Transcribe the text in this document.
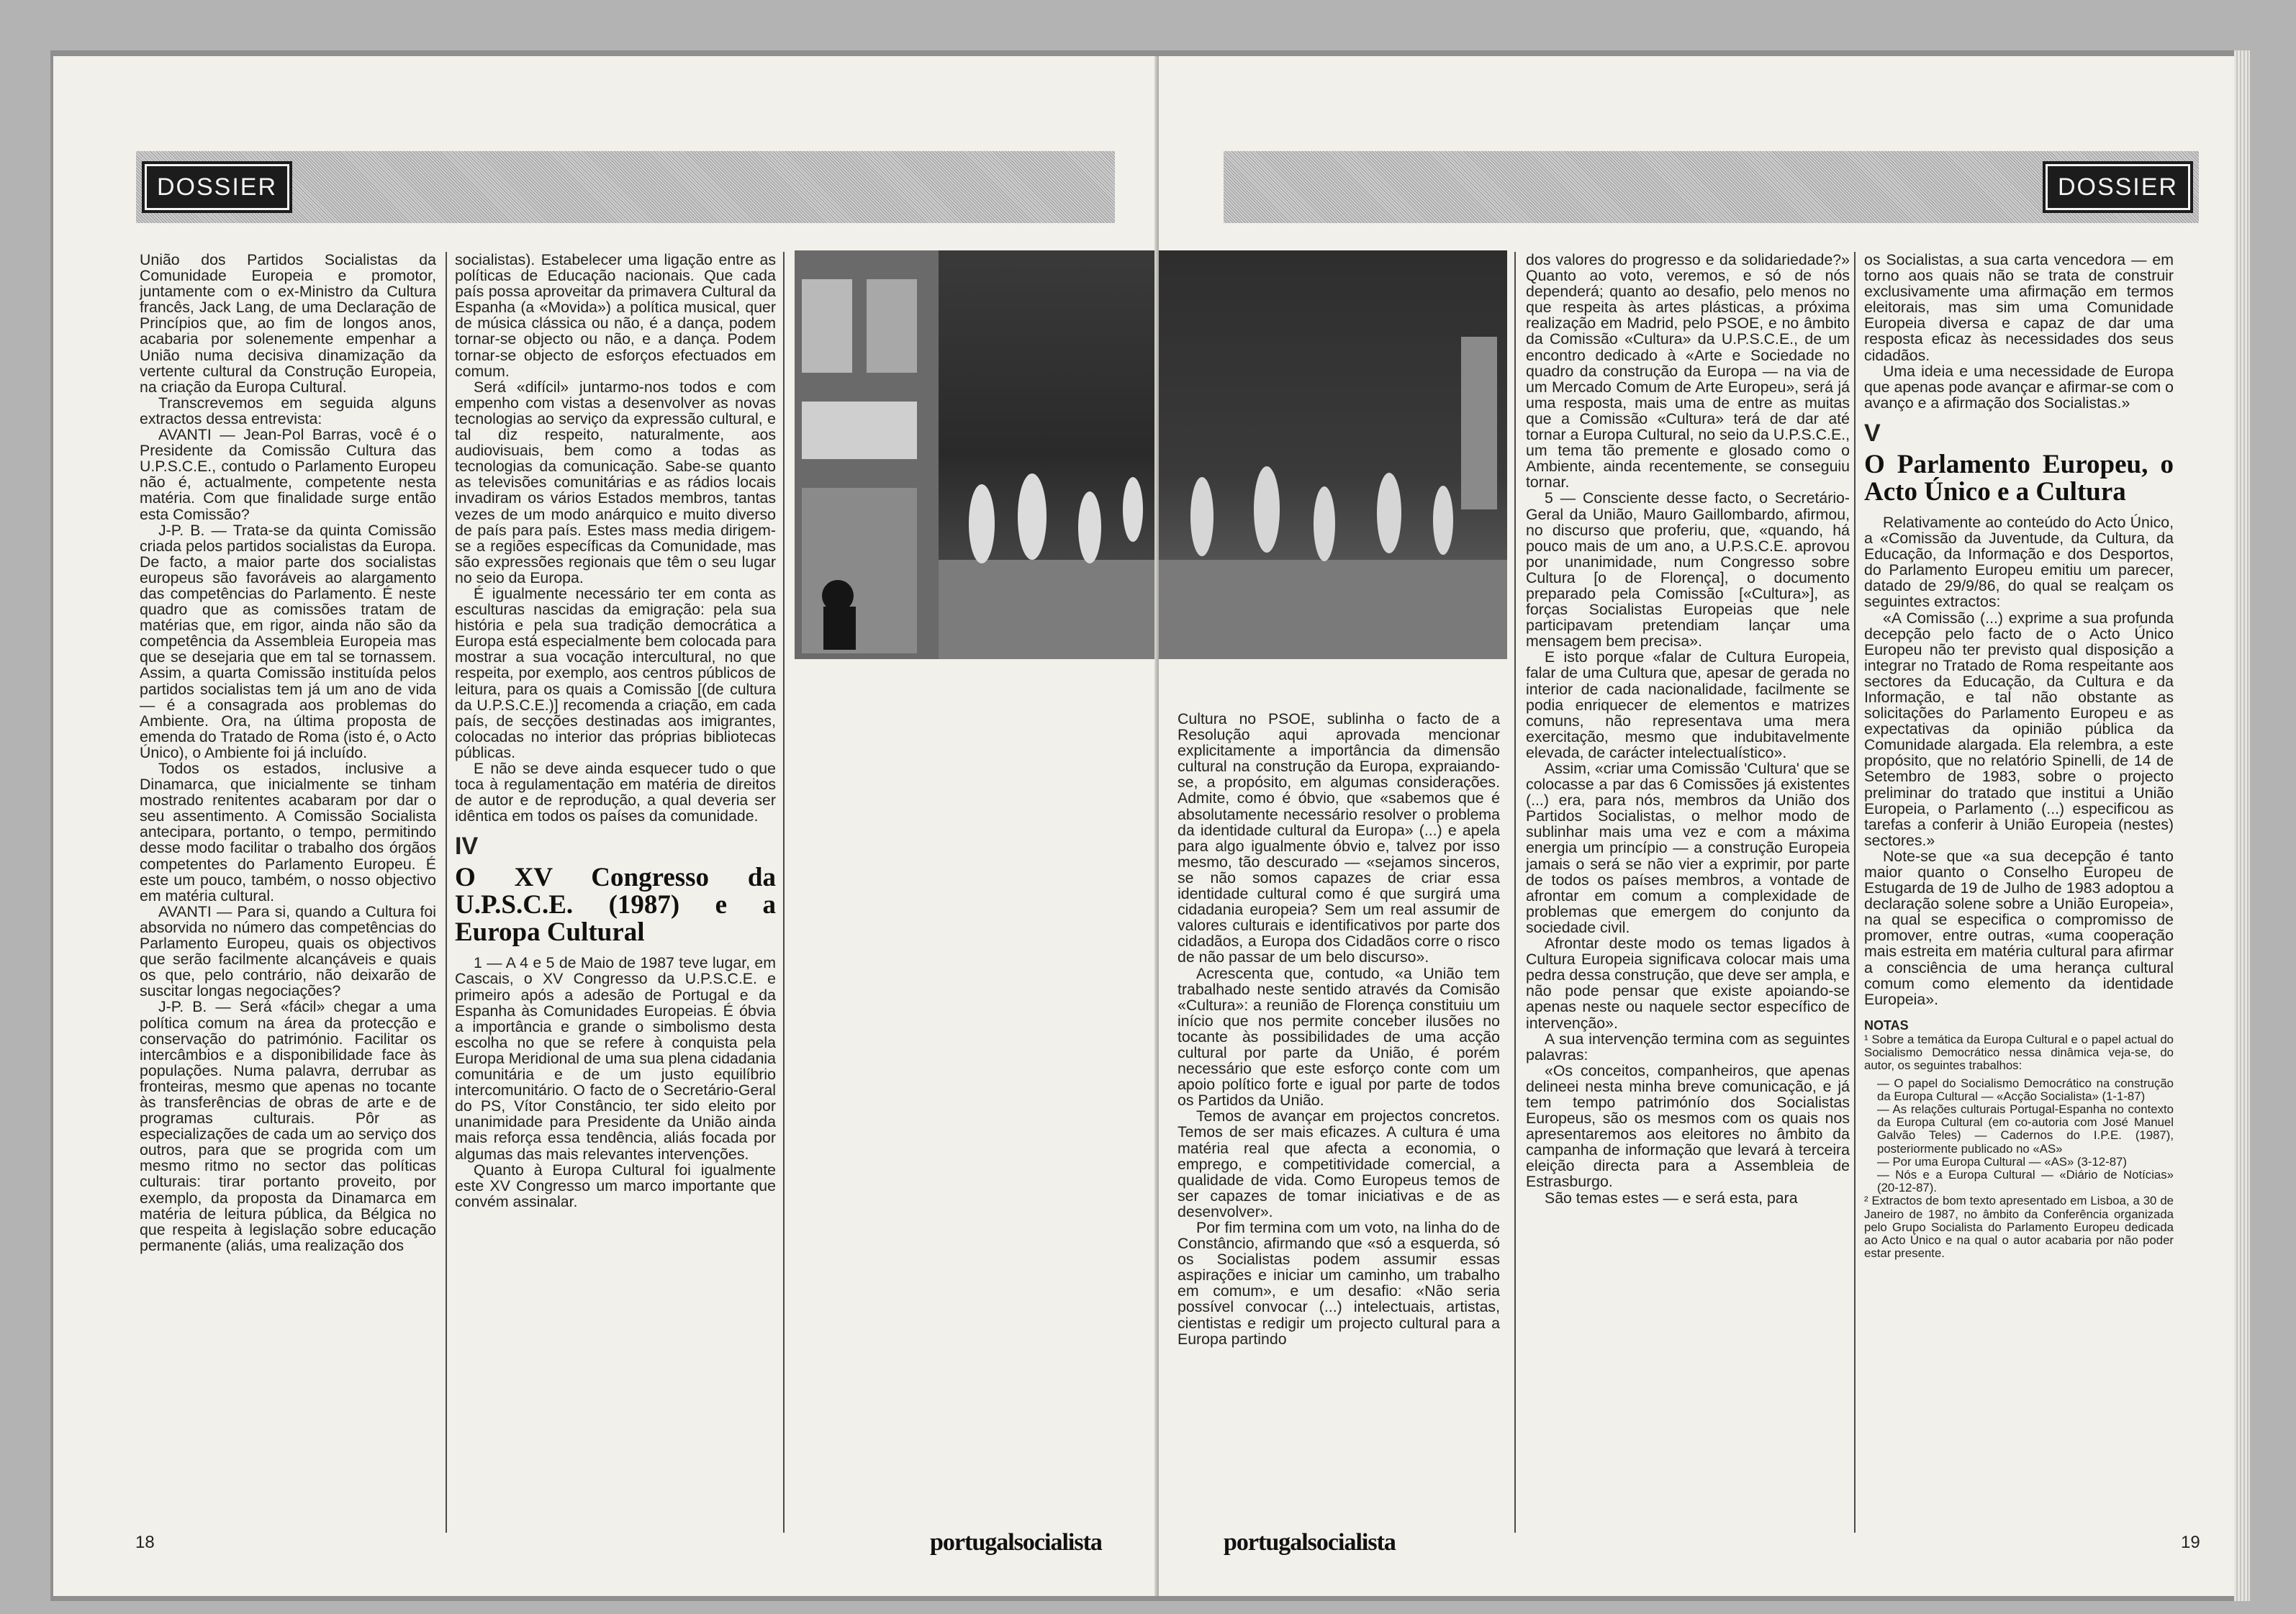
DOSSIER

União dos Partidos Socialistas da Comunidade Europeia e promotor, juntamente com o ex-Ministro da Cultura francês, Jack Lang, de uma Declaração de Princípios que, ao fim de longos anos, acabaria por solenemente empenhar a União numa decisiva dinamização da vertente cultural da Construção Europeia, na criação da Europa Cultural.

Transcrevemos em seguida alguns extractos dessa entrevista:

AVANTI — Jean-Pol Barras, você é o Presidente da Comissão Cultura das U.P.S.C.E., contudo o Parlamento Europeu não é, actualmente, competente nesta matéria. Com que finalidade surge então esta Comissão?

J-P. B. — Trata-se da quinta Comissão criada pelos partidos socialistas da Europa. De facto, a maior parte dos socialistas europeus são favoráveis ao alargamento das competências do Parlamento. É neste quadro que as comissões tratam de matérias que, em rigor, ainda não são da competência da Assembleia Europeia mas que se desejaria que em tal se tornassem. Assim, a quarta Comissão instituída pelos partidos socialistas tem já um ano de vida — é a consagrada aos problemas do Ambiente. Ora, na última proposta de emenda do Tratado de Roma (isto é, o Acto Único), o Ambiente foi já incluído.

Todos os estados, inclusive a Dinamarca, que inicialmente se tinham mostrado renitentes acabaram por dar o seu assentimento. A Comissão Socialista antecipara, portanto, o tempo, permitindo desse modo facilitar o trabalho dos órgãos competentes do Parlamento Europeu. É este um pouco, também, o nosso objectivo em matéria cultural.

AVANTI — Para si, quando a Cultura foi absorvida no número das competências do Parlamento Europeu, quais os objectivos que serão facilmente alcançáveis e quais os que, pelo contrário, não deixarão de suscitar longas negociações?

J-P. B. — Será «fácil» chegar a uma política comum na área da protecção e conservação do património. Facilitar os intercâmbios e a disponibilidade face às populações. Numa palavra, derrubar as fronteiras, mesmo que apenas no tocante às transferências de obras de arte e de programas culturais. Pôr as especializações de cada um ao serviço dos outros, para que se progrida com um mesmo ritmo no sector das políticas culturais: tirar portanto proveito, por exemplo, da proposta da Dinamarca em matéria de leitura pública, da Bélgica no que respeita à legislação sobre educação permanente (aliás, uma realização dos

socialistas). Estabelecer uma ligação entre as políticas de Educação nacionais. Que cada país possa aproveitar da primavera Cultural da Espanha (a «Movida») a política musical, quer de música clássica ou não, é a dança, podem tornar-se objecto ou não, e a dança. Podem tornar-se objecto de esforços efectuados em comum.

Será «difícil» juntarmo-nos todos e com empenho com vistas a desenvolver as novas tecnologias ao serviço da expressão cultural, e tal diz respeito, naturalmente, aos audiovisuais, bem como a todas as tecnologias da comunicação. Sabe-se quanto as televisões comunitárias e as rádios locais invadiram os vários Estados membros, tantas vezes de um modo anárquico e muito diverso de país para país. Estes mass media dirigem-se a regiões específicas da Comunidade, mas são expressões regionais que têm o seu lugar no seio da Europa.

É igualmente necessário ter em conta as esculturas nascidas da emigração: pela sua história e pela sua tradição democrática a Europa está especialmente bem colocada para mostrar a sua vocação intercultural, no que respeita, por exemplo, aos centros públicos de leitura, para os quais a Comissão [(de cultura da U.P.S.C.E.)] recomenda a criação, em cada país, de secções destinadas aos imigrantes, colocadas no interior das próprias bibliotecas públicas.

E não se deve ainda esquecer tudo o que toca à regulamentação em matéria de direitos de autor e de reprodução, a qual deveria ser idêntica em todos os países da comunidade.

IV
O XV Congresso da U.P.S.C.E. (1987) e a Europa Cultural

1 — A 4 e 5 de Maio de 1987 teve lugar, em Cascais, o XV Congresso da U.P.S.C.E. e primeiro após a adesão de Portugal e da Espanha às Comunidades Europeias. É óbvia a importância e grande o simbolismo desta escolha no que se refere à conquista pela Europa Meridional de uma sua plena cidadania comunitária e de um justo equilíbrio intercomunitário. O facto de o Secretário-Geral do PS, Vítor Constâncio, ter sido eleito por unanimidade para Presidente da União ainda mais reforça essa tendência, aliás focada por algumas das mais relevantes intervenções.

Quanto à Europa Cultural foi igualmente este XV Congresso um marco importante que convém assinalar.

18	portugalsocialista
DOSSIER

Cultura no PSOE, sublinha o facto de a Resolução aqui aprovada mencionar explicitamente a importância da dimensão cultural na construção da Europa, expraiando-se, a propósito, em algumas considerações. Admite, como é óbvio, que «sabemos que é absolutamente necessário resolver o problema da identidade cultural da Europa» (...) e apela para algo igualmente óbvio e, talvez por isso mesmo, tão descurado — «sejamos sinceros, se não somos capazes de criar essa identidade cultural como é que surgirá uma cidadania europeia? Sem um real assumir de valores culturais e identificativos por parte dos cidadãos, a Europa dos Cidadãos corre o risco de não passar de um belo discurso».

Acrescenta que, contudo, «a União tem trabalhado neste sentido através da Comisão «Cultura»: a reunião de Florença constituiu um início que nos permite conceber ilusões no tocante às possibilidades de uma acção cultural por parte da União, é porém necessário que este esforço conte com um apoio político forte e igual por parte de todos os Partidos da União.

Temos de avançar em projectos concretos. Temos de ser mais eficazes. A cultura é uma matéria real que afecta a economia, o emprego, e competitividade comercial, a qualidade de vida. Como Europeus temos de ser capazes de tomar iniciativas e de as desenvolver».

Por fim termina com um voto, na linha do de Constâncio, afirmando que «só a esquerda, só os Socialistas podem assumir essas aspirações e iniciar um caminho, um trabalho em comum», e um desafio: «Não seria possível convocar (...) intelectuais, artistas, cientistas e redigir um projecto cultural para a Europa partindo

dos valores do progresso e da solidariedade?» Quanto ao voto, veremos, e só de nós dependerá; quanto ao desafio, pelo menos no que respeita às artes plásticas, a próxima realização em Madrid, pelo PSOE, e no âmbito da Comissão «Cultura» da U.P.S.C.E., de um encontro dedicado à «Arte e Sociedade no quadro da construção da Europa — na via de um Mercado Comum de Arte Europeu», será já uma resposta, mais uma de entre as muitas que a Comissão «Cultura» terá de dar até tornar a Europa Cultural, no seio da U.P.S.C.E., um tema tão premente e glosado como o Ambiente, ainda recentemente, se conseguiu tornar.

5 — Consciente desse facto, o Secretário-Geral da União, Mauro Gaillombardo, afirmou, no discurso que proferiu, que, «quando, há pouco mais de um ano, a U.P.S.C.E. aprovou por unanimidade, num Congresso sobre Cultura [o de Florença], o documento preparado pela Comissão [«Cultura»], as forças Socialistas Europeias que nele participavam pretendiam lançar uma mensagem bem precisa».

E isto porque «falar de Cultura Europeia, falar de uma Cultura que, apesar de gerada no interior de cada nacionalidade, facilmente se podia enriquecer de elementos e matrizes comuns, não representava uma mera exercitação, mesmo que indubitavelmente elevada, de carácter intelectualístico».

Assim, «criar uma Comissão 'Cultura' que se colocasse a par das 6 Comissões já existentes (...) era, para nós, membros da União dos Partidos Socialistas, o melhor modo de sublinhar mais uma vez e com a máxima energia um princípio — a construção Europeia jamais o será se não vier a exprimir, por parte de todos os países membros, a vontade de afrontar em comum a complexidade de problemas que emergem do conjunto da sociedade civil.

Afrontar deste modo os temas ligados à Cultura Europeia significava colocar mais uma pedra dessa construção, que deve ser ampla, e não pode pensar que existe apoiando-se apenas neste ou naquele sector específico de intervenção».

A sua intervenção termina com as seguintes palavras:

«Os conceitos, companheiros, que apenas delineei nesta minha breve comunicação, e já tem tempo patrimónío dos Socialistas Europeus, são os mesmos com os quais nos apresentaremos aos eleitores no âmbito da campanha de informação que levará à terceira eleição directa para a Assembleia de Estrasburgo.

São temas estes — e será esta, para

os Socialistas, a sua carta vencedora — em torno aos quais não se trata de construir exclusivamente uma afirmação em termos eleitorais, mas sim uma Comunidade Europeia diversa e capaz de dar uma resposta eficaz às necessidades dos seus cidadãos.

Uma ideia e uma necessidade de Europa que apenas pode avançar e afirmar-se com o avanço e a afirmação dos Socialistas.»

V
O Parlamento Europeu, o Acto Único e a Cultura

Relativamente ao conteúdo do Acto Único, a «Comissão da Juventude, da Cultura, da Educação, da Informação e dos Desportos, do Parlamento Europeu emitiu um parecer, datado de 29/9/86, do qual se realçam os seguintes extractos:

«A Comissão (...) exprime a sua profunda decepção pelo facto de o Acto Único Europeu não ter previsto qual disposição a integrar no Tratado de Roma respeitante aos sectores da Educação, da Cultura e da Informação, e tal não obstante as solicitações do Parlamento Europeu e as expectativas da opinião pública da Comunidade alargada. Ela relembra, a este propósito, que no relatório Spinelli, de 14 de Setembro de 1983, sobre o projecto preliminar do tratado que institui a União Europeia, o Parlamento (...) especificou as tarefas a conferir à União Europeia (nestes) sectores.»

Note-se que «a sua decepção é tanto maior quanto o Conselho Europeu de Estugarda de 19 de Julho de 1983 adoptou a declaração solene sobre a União Europeia», na qual se especifica o compromisso de promover, entre outras, «uma cooperação mais estreita em matéria cultural para afirmar a consciência de uma herança cultural comum como elemento da identidade Europeia».

NOTAS

¹ Sobre a temática da Europa Cultural e o papel actual do Socialismo Democrático nessa dinâmica veja-se, do autor, os seguintes trabalhos:

— O papel do Socialismo Democrático na construção da Europa Cultural — «Acção Socialista» (1-1-87)

— As relações culturais Portugal-Espanha no contexto da Europa Cultural (em co-autoria com José Manuel Galvão Teles) — Cadernos do I.P.E. (1987), posteriormente publicado no «AS»

— Por uma Europa Cultural — «AS» (3-12-87)

— Nós e a Europa Cultural — «Diário de Notícias» (20-12-87).

² Extractos de bom texto apresentado em Lisboa, a 30 de Janeiro de 1987, no âmbito da Conferência organizada pelo Grupo Socialista do Parlamento Europeu dedicada ao Acto Único e na qual o autor acabaria por não poder estar presente.

portugalsocialista	19
